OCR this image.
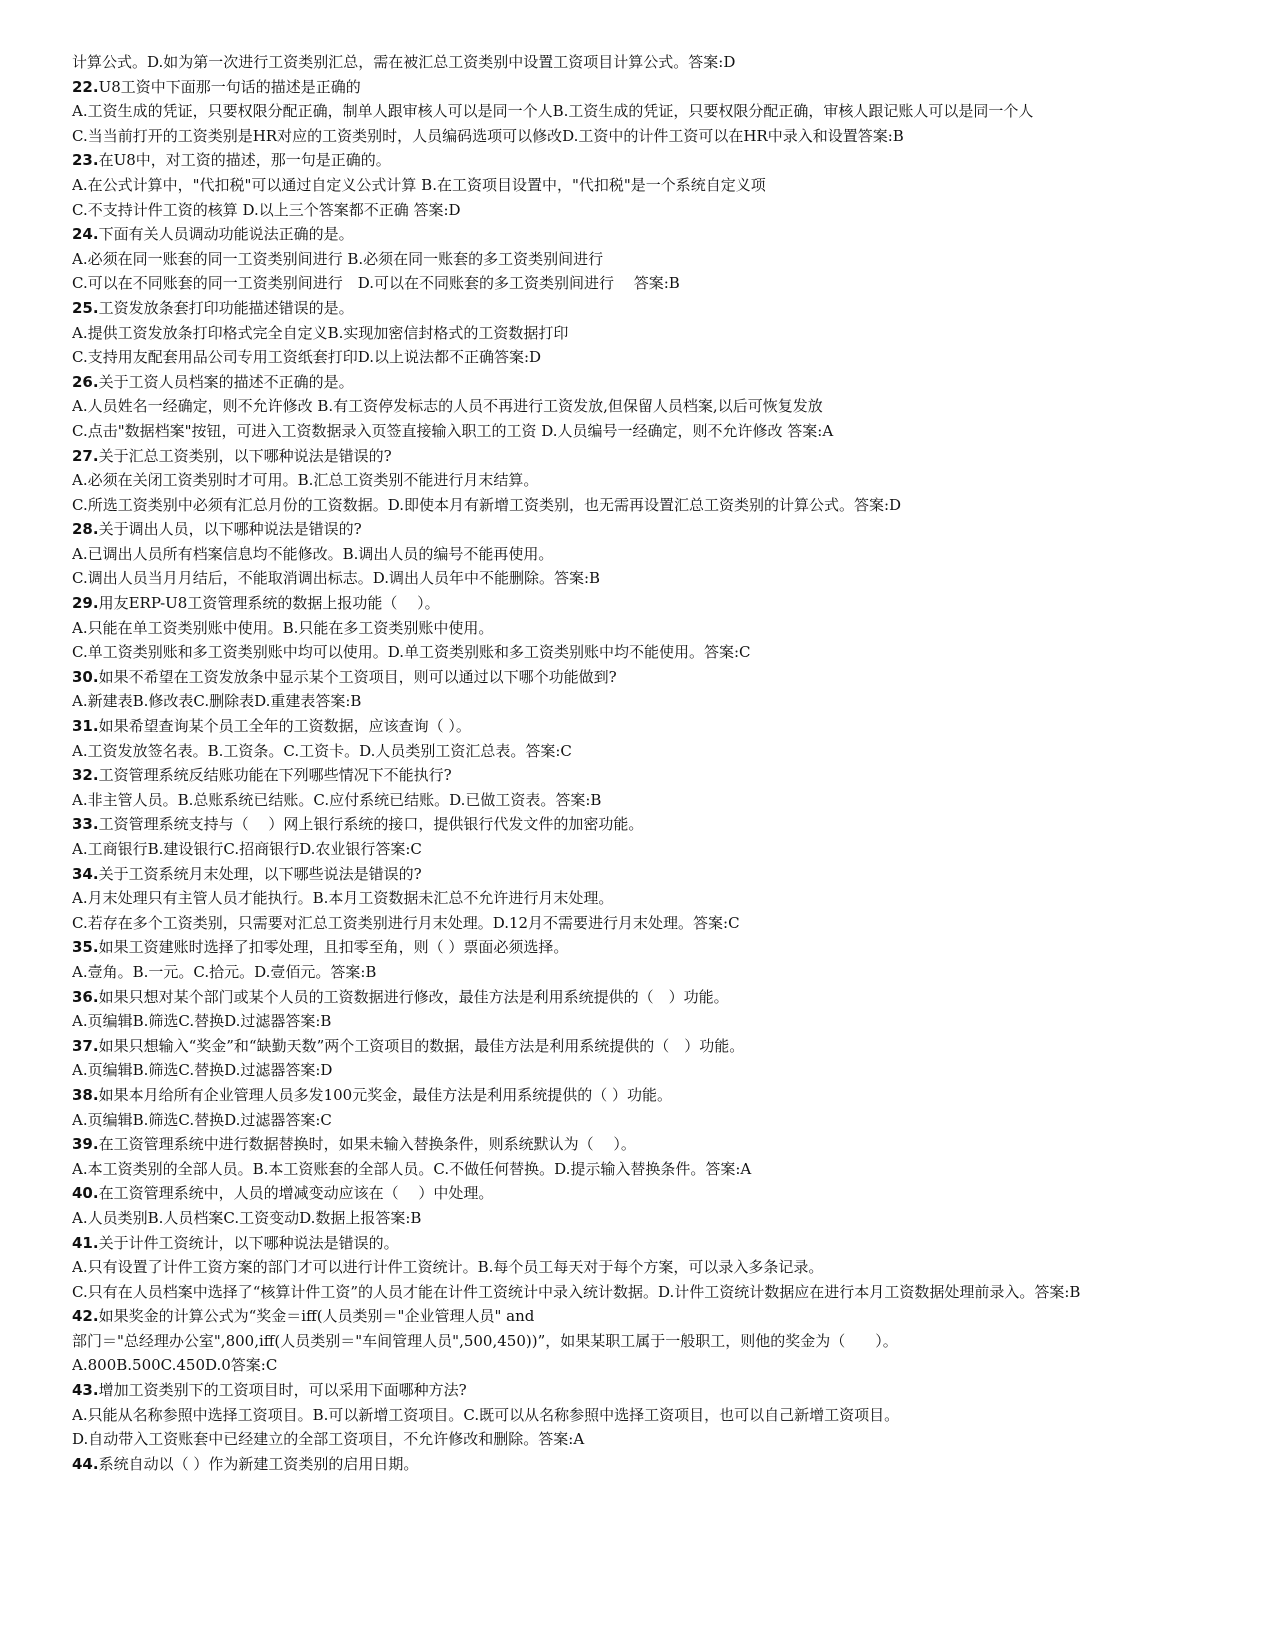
计算公式。D.如为第一次进行工资类别汇总，需在被汇总工资类别中设置工资项目计算公式。答案:D
22.U8工资中下面那一句话的描述是正确的
A.工资生成的凭证，只要权限分配正确，制单人跟审核人可以是同一个人B.工资生成的凭证，只要权限分配正确，审核人跟记账人可以是同一个人
C.当当前打开的工资类别是HR对应的工资类别时，人员编码选项可以修改D.工资中的计件工资可以在HR中录入和设置答案:B
23.在U8中，对工资的描述，那一句是正确的。
A.在公式计算中，"代扣税"可以通过自定义公式计算 B.在工资项目设置中，"代扣税"是一个系统自定义项
C.不支持计件工资的核算 D.以上三个答案都不正确 答案:D
24.下面有关人员调动功能说法正确的是。
A.必须在同一账套的同一工资类别间进行 B.必须在同一账套的多工资类别间进行
C.可以在不同账套的同一工资类别间进行　D.可以在不同账套的多工资类别间进行　 答案:B
25.工资发放条套打印功能描述错误的是。
A.提供工资发放条打印格式完全自定义B.实现加密信封格式的工资数据打印
C.支持用友配套用品公司专用工资纸套打印D.以上说法都不正确答案:D
26.关于工资人员档案的描述不正确的是。
A.人员姓名一经确定，则不允许修改 B.有工资停发标志的人员不再进行工资发放,但保留人员档案,以后可恢复发放
C.点击"数据档案"按钮，可进入工资数据录入页签直接输入职工的工资 D.人员编号一经确定，则不允许修改 答案:A
27.关于汇总工资类别，以下哪种说法是错误的?
A.必须在关闭工资类别时才可用。B.汇总工资类别不能进行月末结算。
C.所选工资类别中必须有汇总月份的工资数据。D.即使本月有新增工资类别，也无需再设置汇总工资类别的计算公式。答案:D
28.关于调出人员，以下哪种说法是错误的?
A.已调出人员所有档案信息均不能修改。B.调出人员的编号不能再使用。
C.调出人员当月月结后，不能取消调出标志。D.调出人员年中不能删除。答案:B
29.用友ERP-U8工资管理系统的数据上报功能（　 ）。
A.只能在单工资类别账中使用。B.只能在多工资类别账中使用。
C.单工资类别账和多工资类别账中均可以使用。D.单工资类别账和多工资类别账中均不能使用。答案:C
30.如果不希望在工资发放条中显示某个工资项目，则可以通过以下哪个功能做到?
A.新建表B.修改表C.删除表D.重建表答案:B
31.如果希望查询某个员工全年的工资数据，应该查询（ ）。
A.工资发放签名表。B.工资条。C.工资卡。D.人员类别工资汇总表。答案:C
32.工资管理系统反结账功能在下列哪些情况下不能执行?
A.非主管人员。B.总账系统已结账。C.应付系统已结账。D.已做工资表。答案:B
33.工资管理系统支持与（　 ）网上银行系统的接口，提供银行代发文件的加密功能。
A.工商银行B.建设银行C.招商银行D.农业银行答案:C
34.关于工资系统月末处理，以下哪些说法是错误的?
A.月末处理只有主管人员才能执行。B.本月工资数据未汇总不允许进行月末处理。
C.若存在多个工资类别，只需要对汇总工资类别进行月末处理。D.12月不需要进行月末处理。答案:C
35.如果工资建账时选择了扣零处理，且扣零至角，则（ ）票面必须选择。
A.壹角。B.一元。C.拾元。D.壹佰元。答案:B
36.如果只想对某个部门或某个人员的工资数据进行修改，最佳方法是利用系统提供的（　）功能。
A.页编辑B.筛选C.替换D.过滤器答案:B
37.如果只想输入“奖金”和“缺勤天数”两个工资项目的数据，最佳方法是利用系统提供的（　）功能。
A.页编辑B.筛选C.替换D.过滤器答案:D
38.如果本月给所有企业管理人员多发100元奖金，最佳方法是利用系统提供的（ ）功能。
A.页编辑B.筛选C.替换D.过滤器答案:C
39.在工资管理系统中进行数据替换时，如果未输入替换条件，则系统默认为（　 ）。
A.本工资类别的全部人员。B.本工资账套的全部人员。C.不做任何替换。D.提示输入替换条件。答案:A
40.在工资管理系统中，人员的增减变动应该在（　 ）中处理。
A.人员类别B.人员档案C.工资变动D.数据上报答案:B
41.关于计件工资统计，以下哪种说法是错误的。
A.只有设置了计件工资方案的部门才可以进行计件工资统计。B.每个员工每天对于每个方案，可以录入多条记录。
C.只有在人员档案中选择了“核算计件工资”的人员才能在计件工资统计中录入统计数据。D.计件工资统计数据应在进行本月工资数据处理前录入。答案:B
42.如果奖金的计算公式为“奖金＝iff(人员类别＝"企业管理人员" and
部门＝"总经理办公室",800,iff(人员类别＝"车间管理人员",500,450))”，如果某职工属于一般职工，则他的奖金为（　　）。
A.800B.500C.450D.0答案:C
43.增加工资类别下的工资项目时，可以采用下面哪种方法?
A.只能从名称参照中选择工资项目。B.可以新增工资项目。C.既可以从名称参照中选择工资项目，也可以自己新增工资项目。
D.自动带入工资账套中已经建立的全部工资项目，不允许修改和删除。答案:A
44.系统自动以（ ）作为新建工资类别的启用日期。
